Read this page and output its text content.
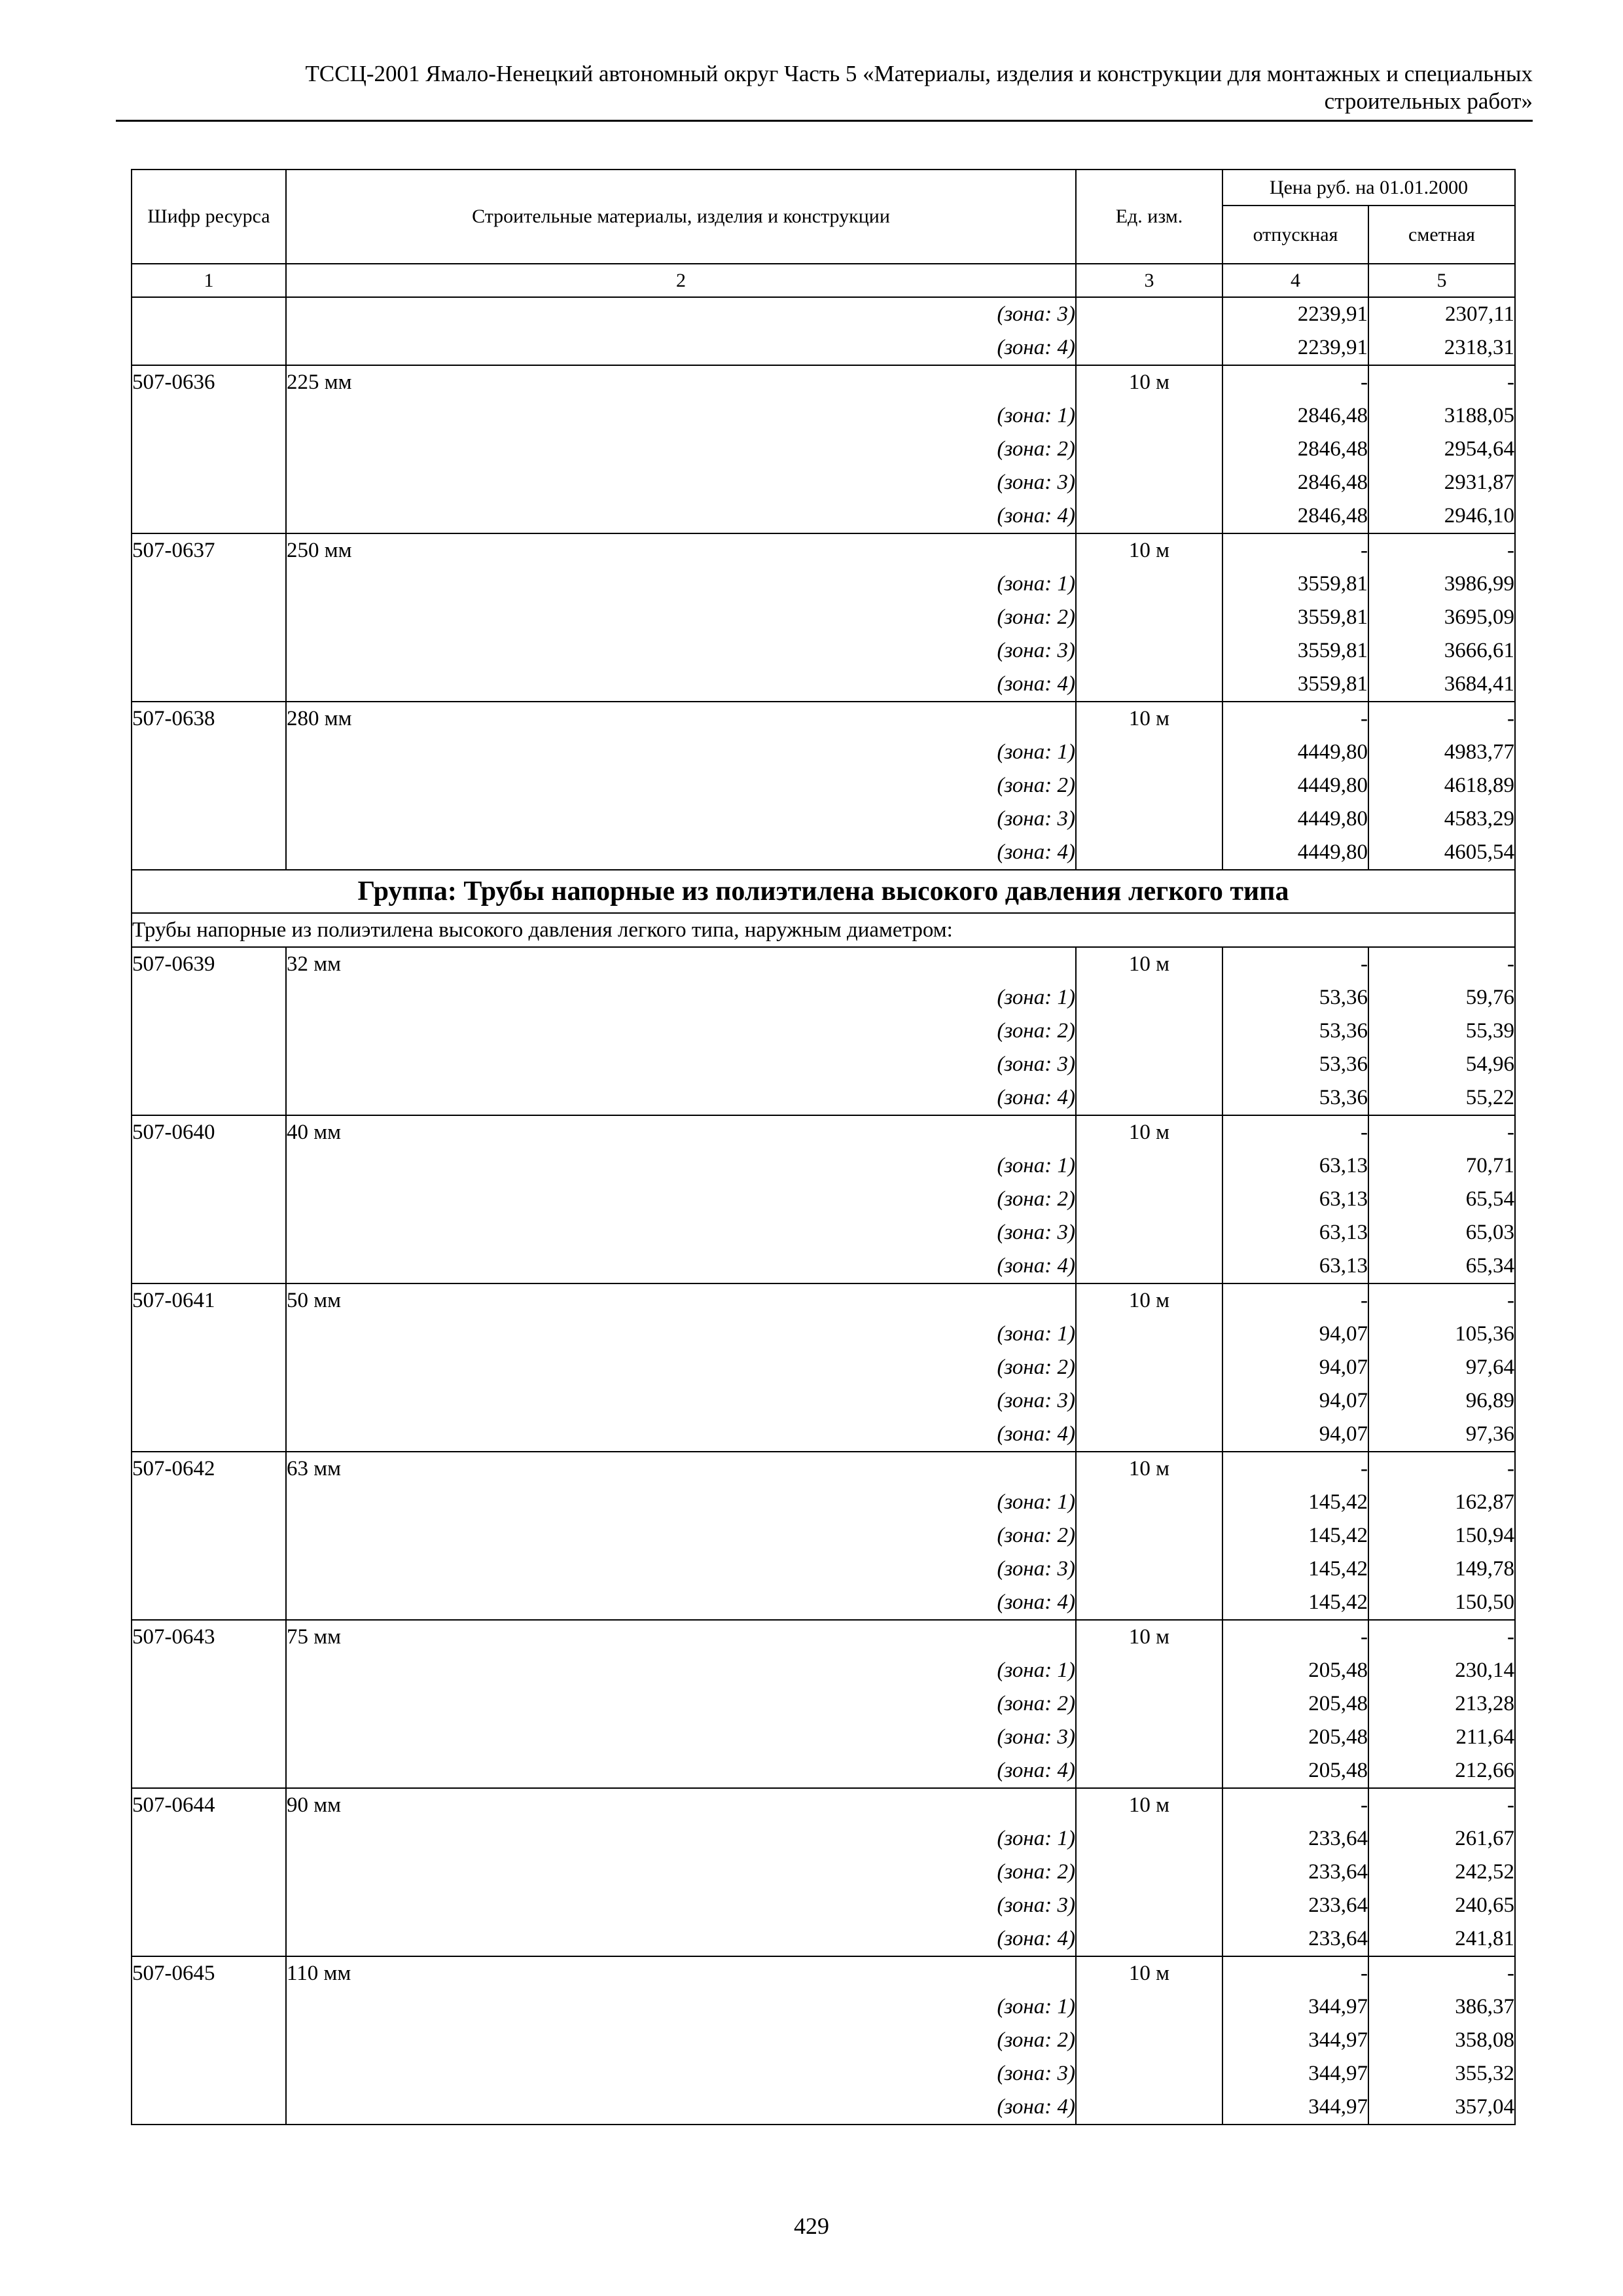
ТССЦ-2001 Ямало-Ненецкий автономный округ Часть 5 «Материалы, изделия и конструкции для монтажных и специальных
строительных работ»
Шифр ресурса	Строительные материалы, изделия и конструкции	Ед. изм.	Цена руб. на 01.01.2000	
			отпускная	сметная
1	2	3	4	5
	(зона: 3)		2239,91	2307,11
	(зона: 4)		2239,91	2318,31
507-0636	225 мм	10 м	-	-
	(зона: 1)		2846,48	3188,05
	(зона: 2)		2846,48	2954,64
	(зона: 3)		2846,48	2931,87
	(зона: 4)		2846,48	2946,10
507-0637	250 мм	10 м	-	-
	(зона: 1)		3559,81	3986,99
	(зона: 2)		3559,81	3695,09
	(зона: 3)		3559,81	3666,61
	(зона: 4)		3559,81	3684,41
507-0638	280 мм	10 м	-	-
	(зона: 1)		4449,80	4983,77
	(зона: 2)		4449,80	4618,89
	(зона: 3)		4449,80	4583,29
	(зона: 4)		4449,80	4605,54
Группа: Трубы напорные из полиэтилена высокого давления легкого типа				
Трубы напорные из полиэтилена высокого давления легкого типа, наружным диаметром:				
507-0639	32 мм	10 м	-	-
	(зона: 1)		53,36	59,76
	(зона: 2)		53,36	55,39
	(зона: 3)		53,36	54,96
	(зона: 4)		53,36	55,22
507-0640	40 мм	10 м	-	-
	(зона: 1)		63,13	70,71
	(зона: 2)		63,13	65,54
	(зона: 3)		63,13	65,03
	(зона: 4)		63,13	65,34
507-0641	50 мм	10 м	-	-
	(зона: 1)		94,07	105,36
	(зона: 2)		94,07	97,64
	(зона: 3)		94,07	96,89
	(зона: 4)		94,07	97,36
507-0642	63 мм	10 м	-	-
	(зона: 1)		145,42	162,87
	(зона: 2)		145,42	150,94
	(зона: 3)		145,42	149,78
	(зона: 4)		145,42	150,50
507-0643	75 мм	10 м	-	-
	(зона: 1)		205,48	230,14
	(зона: 2)		205,48	213,28
	(зона: 3)		205,48	211,64
	(зона: 4)		205,48	212,66
507-0644	90 мм	10 м	-	-
	(зона: 1)		233,64	261,67
	(зона: 2)		233,64	242,52
	(зона: 3)		233,64	240,65
	(зона: 4)		233,64	241,81
507-0645	110 мм	10 м	-	-
	(зона: 1)		344,97	386,37
	(зона: 2)		344,97	358,08
	(зона: 3)		344,97	355,32
	(зона: 4)		344,97	357,04
429
